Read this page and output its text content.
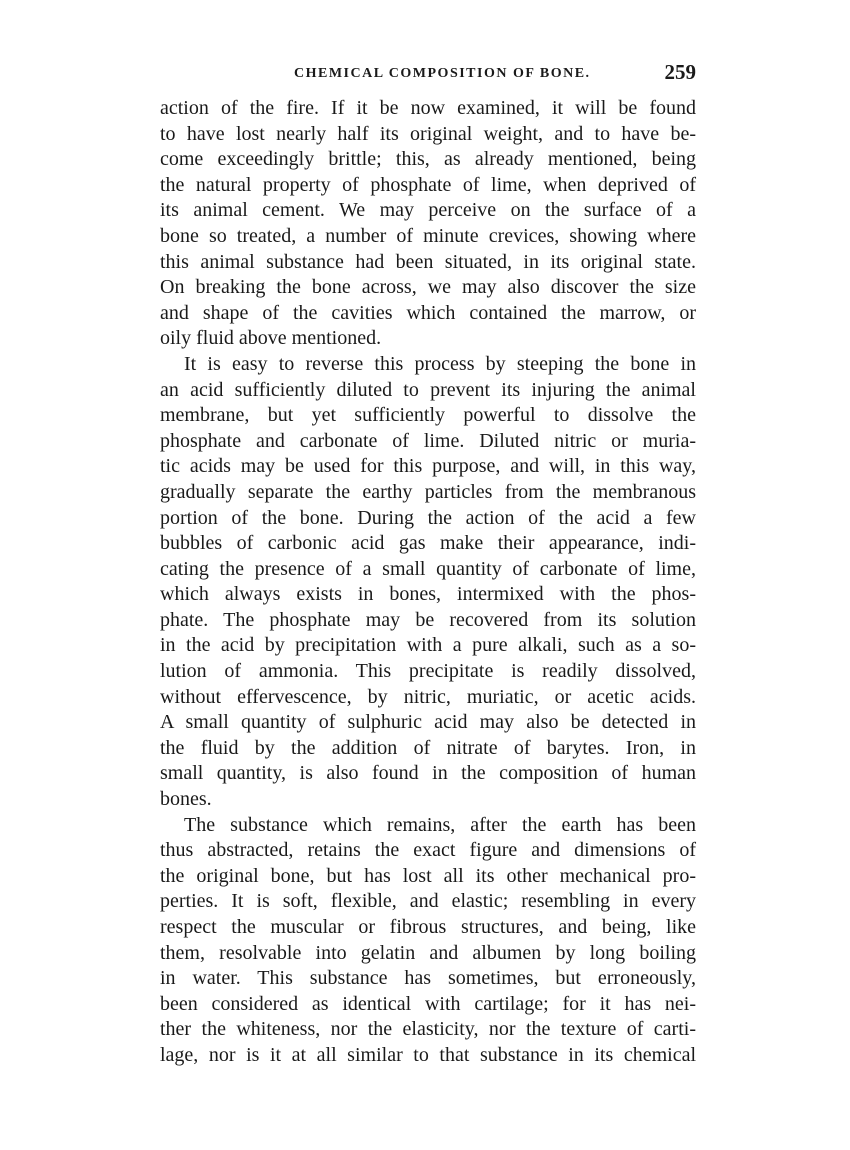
CHEMICAL COMPOSITION OF BONE.	259
action of the fire. If it be now examined, it will be found
to have lost nearly half its original weight, and to have be-
come exceedingly brittle; this, as already mentioned, being
the natural property of phosphate of lime, when deprived of
its animal cement. We may perceive on the surface of a
bone so treated, a number of minute crevices, showing where
this animal substance had been situated, in its original state.
On breaking the bone across, we may also discover the size
and shape of the cavities which contained the marrow, or
oily fluid above mentioned.
It is easy to reverse this process by steeping the bone in
an acid sufficiently diluted to prevent its injuring the animal
membrane, but yet sufficiently powerful to dissolve the
phosphate and carbonate of lime. Diluted nitric or muria-
tic acids may be used for this purpose, and will, in this way,
gradually separate the earthy particles from the membranous
portion of the bone. During the action of the acid a few
bubbles of carbonic acid gas make their appearance, indi-
cating the presence of a small quantity of carbonate of lime,
which always exists in bones, intermixed with the phos-
phate. The phosphate may be recovered from its solution
in the acid by precipitation with a pure alkali, such as a so-
lution of ammonia. This precipitate is readily dissolved,
without effervescence, by nitric, muriatic, or acetic acids.
A small quantity of sulphuric acid may also be detected in
the fluid by the addition of nitrate of barytes. Iron, in
small quantity, is also found in the composition of human
bones.
The substance which remains, after the earth has been
thus abstracted, retains the exact figure and dimensions of
the original bone, but has lost all its other mechanical pro-
perties. It is soft, flexible, and elastic; resembling in every
respect the muscular or fibrous structures, and being, like
them, resolvable into gelatin and albumen by long boiling
in water. This substance has sometimes, but erroneously,
been considered as identical with cartilage; for it has nei-
ther the whiteness, nor the elasticity, nor the texture of carti-
lage, nor is it at all similar to that substance in its chemical
